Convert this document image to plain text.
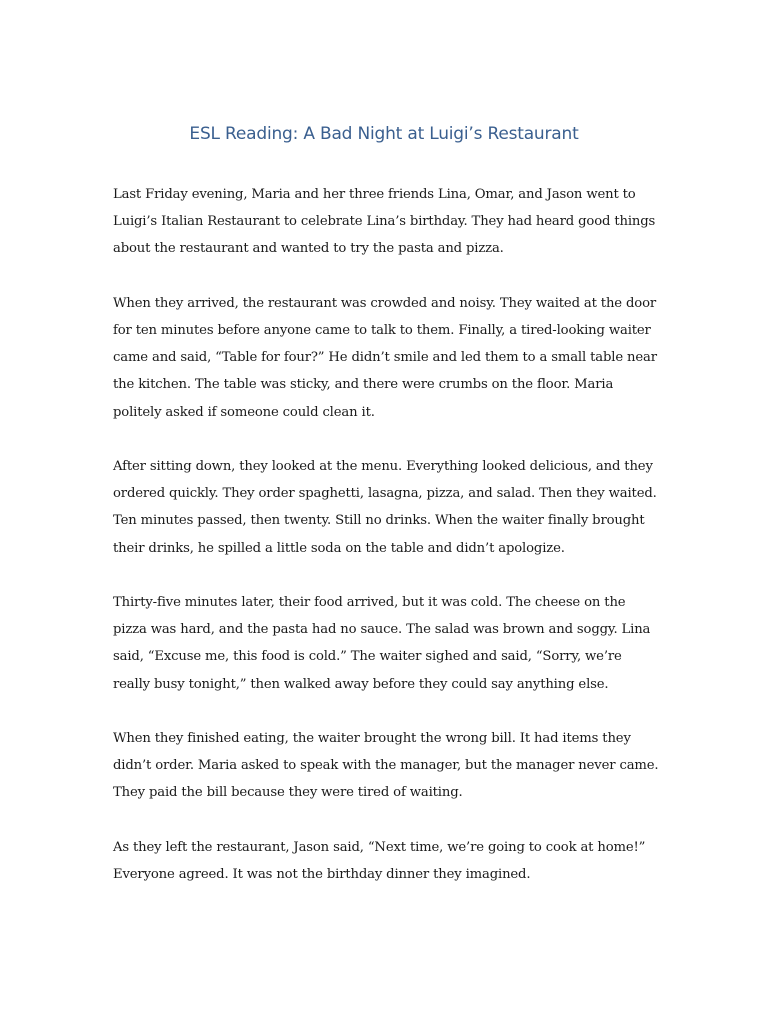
ESL Reading: A Bad Night at Luigi’s Restaurant

Last Friday evening, Maria and her three friends Lina, Omar, and Jason went to Luigi’s Italian Restaurant to celebrate Lina’s birthday. They had heard good things about the restaurant and wanted to try the pasta and pizza.

When they arrived, the restaurant was crowded and noisy. They waited at the door for ten minutes before anyone came to talk to them. Finally, a tired-looking waiter came and said, “Table for four?” He didn’t smile and led them to a small table near the kitchen. The table was sticky, and there were crumbs on the floor. Maria politely asked if someone could clean it.

After sitting down, they looked at the menu. Everything looked delicious, and they ordered quickly. They order spaghetti, lasagna, pizza, and salad. Then they waited. Ten minutes passed, then twenty. Still no drinks. When the waiter finally brought their drinks, he spilled a little soda on the table and didn’t apologize.

Thirty-five minutes later, their food arrived, but it was cold. The cheese on the pizza was hard, and the pasta had no sauce. The salad was brown and soggy. Lina said, “Excuse me, this food is cold.” The waiter sighed and said, “Sorry, we’re really busy tonight,” then walked away before they could say anything else.

When they finished eating, the waiter brought the wrong bill. It had items they didn’t order. Maria asked to speak with the manager, but the manager never came. They paid the bill because they were tired of waiting.

As they left the restaurant, Jason said, “Next time, we’re going to cook at home!” Everyone agreed. It was not the birthday dinner they imagined.
